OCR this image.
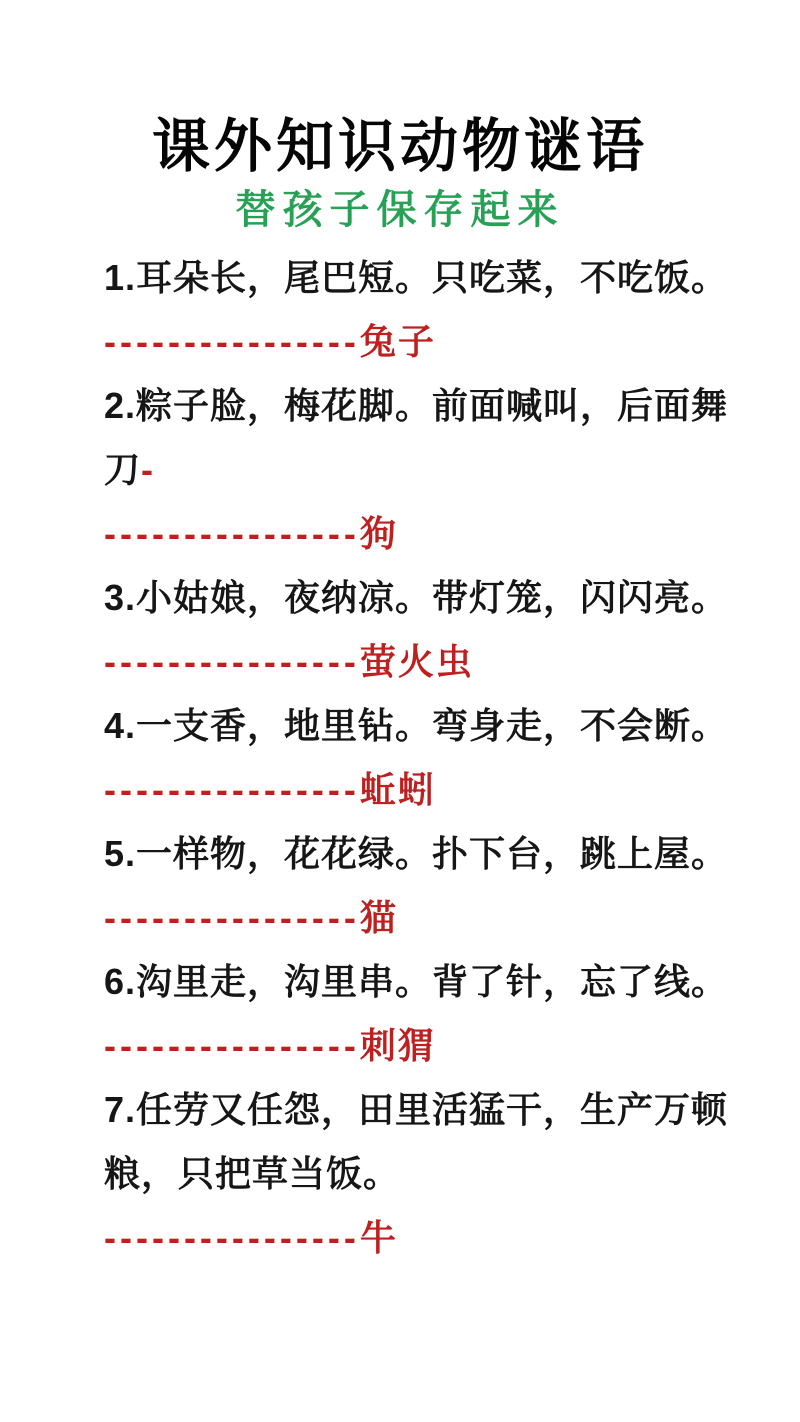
课外知识动物谜语
替孩子保存起来

1.耳朵长，尾巴短。只吃菜，不吃饭。

----------------兔子

2.粽子脸，梅花脚。前面喊叫，后面舞刀-

----------------狗

3.小姑娘，夜纳凉。带灯笼，闪闪亮。

----------------萤火虫

4.一支香，地里钻。弯身走，不会断。

----------------蚯蚓

5.一样物，花花绿。扑下台，跳上屋。

----------------猫

6.沟里走，沟里串。背了针，忘了线。

----------------刺猬

7.任劳又任怨，田里活猛干，生产万顿粮，只把草当饭。

----------------牛
